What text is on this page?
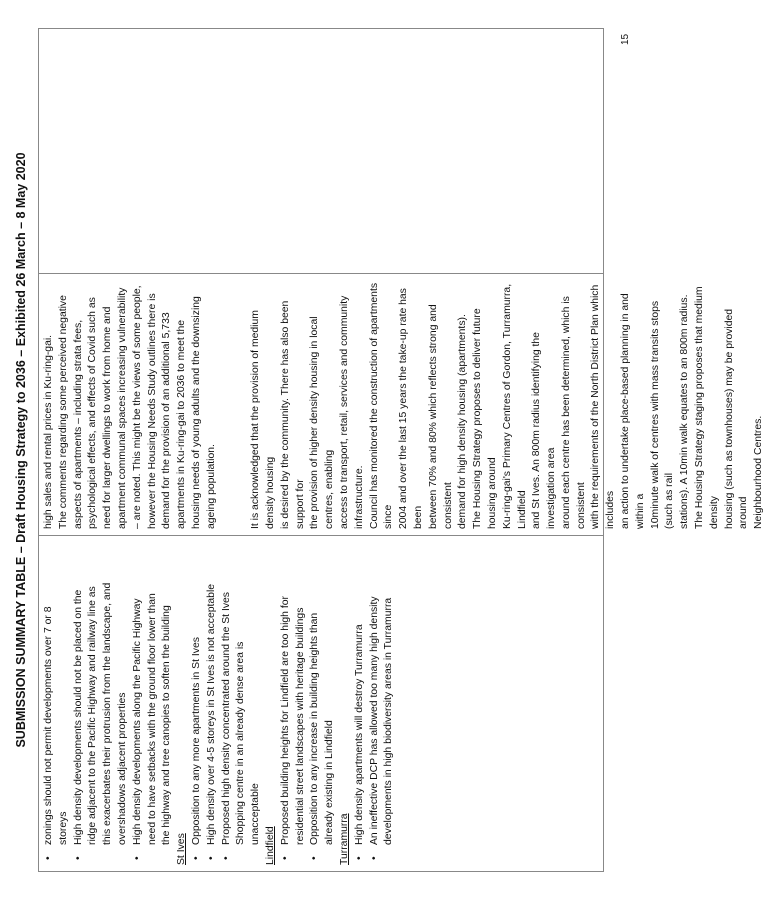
SUBMISSION SUMMARY TABLE – Draft Housing Strategy to 2036 – Exhibited 26 March – 8 May 2020
15
• zonings should not permit developments over 7 or 8 storeys • High density developments should not be placed on the ridge adjacent to the Pacific Highway and railway line as this exacerbates their protrusion from the landscape, and overshadows adjacent properties • High density developments along the Pacific Highway need to have setbacks with the ground floor lower than the highway and tree canopies to soften the building
St Ives
• Opposition to any more apartments in St Ives • High density over 4-5 storeys in St Ives is not acceptable • Proposed high density concentrated around the St Ives Shopping centre in an already dense area is unacceptable
Lindfield
• Proposed building heights for Lindfield are too high for residential street landscapes with heritage buildings • Opposition to any increase in building heights than already existing in Lindfield Turramurra • High density apartments will destroy Turramurra • An ineffective DCP has allowed too many high density developments in high biodiversity areas in Turramurra
high sales and rental prices in Ku-ring-gai. The comments regarding some perceived negative aspects of apartments – including strata fees, psychological effects, and effects of Covid such as need for larger dwellings to work from home and apartment communal spaces increasing vulnerability – are noted. This might be the views of some people, however the Housing Needs Study outlines there is demand for the provision of an additional 5,733 apartments in Ku-ring-gai to 2036 to meet the housing needs of young adults and the downsizing ageing population.	It is acknowledged that the provision of medium density housing is desired by the community. There has also been support for the provision of higher density housing in local centres, enabling access to transport, retail, services and community infrastructure. Council has monitored the construction of apartments since 2004 and over the last 15 years the take-up rate has been between 70% and 80% which reflects strong and consistent demand for high density housing (apartments). The Housing Strategy proposes to deliver future housing around Ku-ring-gai's Primary Centres of Gordon, Turramurra, Lindfield and St Ives. An 800m radius identifying the investigation area around each centre has been determined, which is consistent with the requirements of the North District Plan which includes an action to undertake place-based planning in and within a 10minute walk of centres with mass transits stops (such as rail stations). A 10min walk equates to an 800m radius. The Housing Strategy staging proposes that medium density housing (such as townhouses) may be provided around Neighbourhood Centres.
